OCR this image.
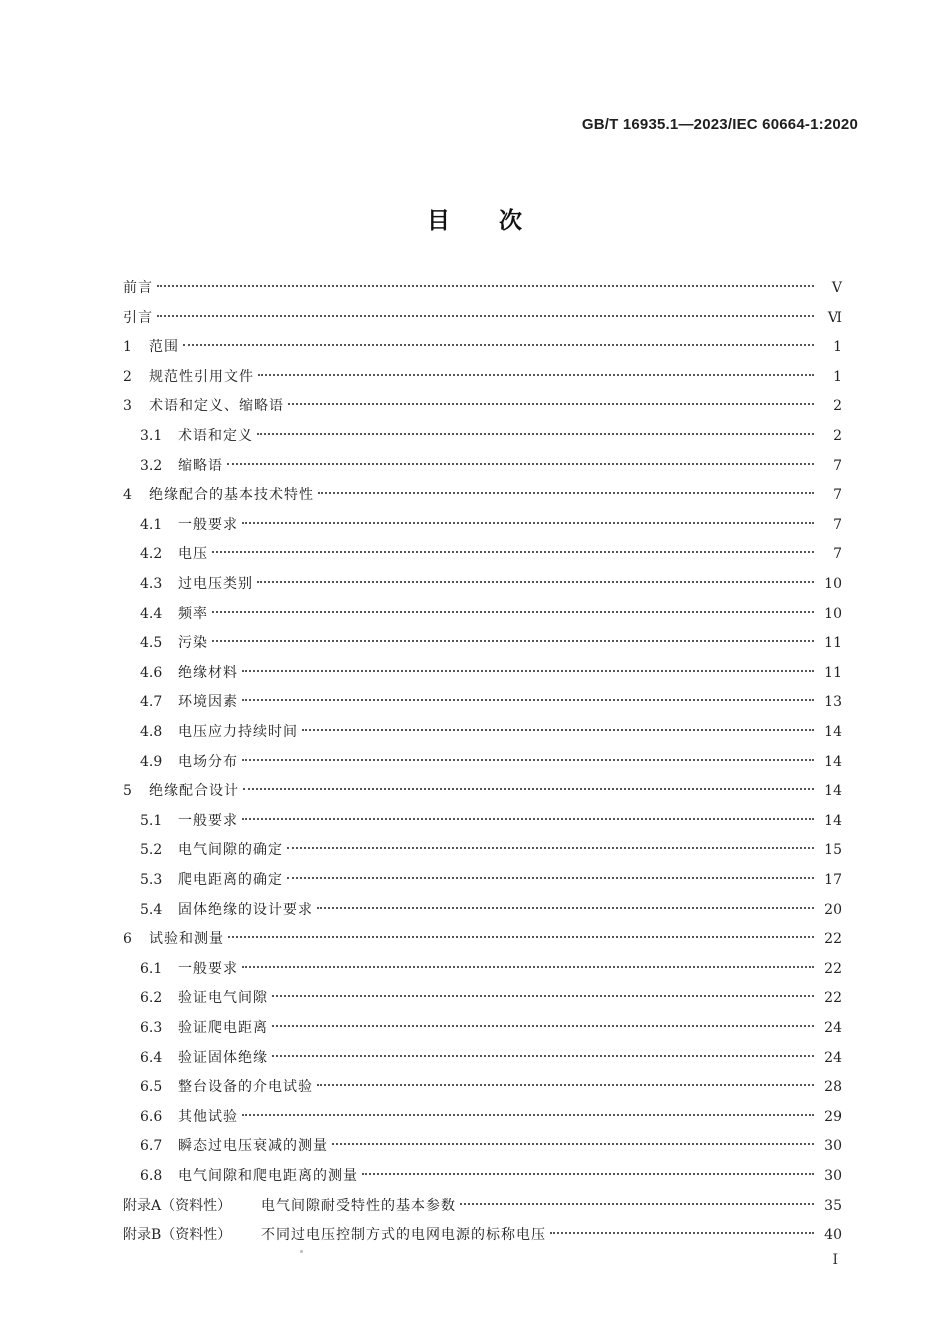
GB/T 16935.1—2023/IEC 60664-1:2020
目　　次
前言	Ⅴ
引言	Ⅵ
1	范围	1
2	规范性引用文件	1
3	术语和定义、缩略语	2
3.1	术语和定义	2
3.2	缩略语	7
4	绝缘配合的基本技术特性	7
4.1	一般要求	7
4.2	电压	7
4.3	过电压类别	10
4.4	频率	10
4.5	污染	11
4.6	绝缘材料	11
4.7	环境因素	13
4.8	电压应力持续时间	14
4.9	电场分布	14
5	绝缘配合设计	14
5.1	一般要求	14
5.2	电气间隙的确定	15
5.3	爬电距离的确定	17
5.4	固体绝缘的设计要求	20
6	试验和测量	22
6.1	一般要求	22
6.2	验证电气间隙	22
6.3	验证爬电距离	24
6.4	验证固体绝缘	24
6.5	整台设备的介电试验	28
6.6	其他试验	29
6.7	瞬态过电压衰减的测量	30
6.8	电气间隙和爬电距离的测量	30
附录A（资料性）	电气间隙耐受特性的基本参数	35
附录B（资料性）	不同过电压控制方式的电网电源的标称电压	40
I
